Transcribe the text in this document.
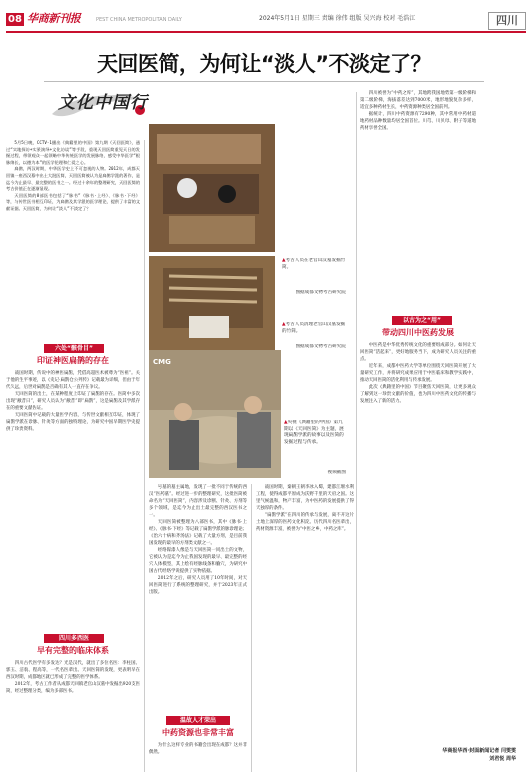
08 华商新刊报	PEST CHINA METROPOLITAN DAILY	2024年5月1日 星期三 责编 徐伟 组版 吴兴海 校对 毛浩江	四川
天回医简，为何让“淡人”不淡定了？
文化中国行

5月5日晚，CCTV-1播出《典籍里的中国》第九期《天回医简》，通过“实地探访+实景演绎+文化访谈”等手段，重现天回医简重见天日的发掘过程，带领观众一起领略中华传统医学的发展脉络，感受中华医学“根脉绵长，以德为本”的医学伦理和仁爱之心。

扁鹊，两汉时期，中华医学史上不可忽视的人物。2012年，成都天回镇一座西汉墓中出土大批医简，天回医简被认为是扁鹊学派的著作，是迄今为止最早、最完整的医书之一。经过十余年的整理研究，天回医简的考古价值正在逐渐显现。

天回医简的8部医书包括了“脉书”《脉书·上经》、《脉书·下经》等，与传世医书相互印证，为扁鹊及其学派的医学理论，提供了丰富的文献证据。天回医简，为何让“淡人”不淡定了？

六处“骸骨目”
印证神医扁鹊的存在

战国时期，传说中的神医扁鹊，凭借高超医术被尊为“医祖”。关于他的生平事迹，以《史记·扁鹊仓公列传》记载最为详细，但由于年代久远，后世对扁鹊是否确有其人一直存在争议。

天回医简的出土，在某种程度上印证了扁鹊的存在。医简中多次出现“敝昔曰”，研究人员认为“敝昔”即“扁鹊”，这是扁鹊及其学派存在的重要文献佐证。

天回医简中记载的大量医学内容，与传世文献相互印证，体现了扁鹊学派在诊脉、针灸等方面的独特理论，为研究中国早期医学史提供了珍贵资料。

四川多西医
早有完整的临床体系

四川古代医学有多发达？光是汉代，就出了多位名医：李柱国、郭玉、涪翁、程高等，一代名医辈出。天回医简的发现，更表明早在西汉时期，成都地区就已形成了完整的医学体系。

2012年，考古工作者从成都天回镇老官山汉墓中发掘出920支医简，经过整理分类，编为多部医书。

▲考古人员在老官山汉墓发掘竹简。
图据成都文物考古研究院
▲考古人员清理老官山汉墓发掘的竹简。
图据成都文物考古研究院
CMG
▲央视《典籍里的中国》第九期以《天回医简》为主题，展现扁鹊学派的故事以及医简的发掘过程与传承。
视频截图

号墓的墓主属地，发现了一批不同于传统的西汉“医药墓”。经过进一步的整理研究，这批医简被命名为“天回医简”，内容涉及诊断、针灸、方剂等多个领域，是迄今为止出土最完整的西汉医书之一。

天回医简被整理为八部医书，其中《脉书·上经》、《脉书·下经》等记载了扁鹊学派的脉诊理论；《治六十病和齐汤法》记载了大量方剂，是目前我国发现的最早的方剂类文献之一。

经络髹漆人像是与天回医简一同出土的文物，它被认为是迄今为止我国发现的最早、最完整的经穴人体模型，其上绘有经脉线条和腧穴，为研究中国古代经络学说提供了实物依据。

2012年之后，研究人员用了10年时间，对天回医简进行了系统的整理研究，并于2023年正式出版。

战国时期，秦朝王朝李冰入蜀，建都江堰水利工程，使得成都平原成为沃野千里的天府之国。这里气候温和，物产丰富，为中医药的发展提供了得天独厚的条件。

“扁鹊学派”在四川的传承与发展，离不开这片土地上深厚的医药文化积淀。历代四川名医辈出，药材资源丰富，被誉为“中医之乡，中药之库”。

温故人才荣出
中药资源也非常丰富

为什么这样专业的书籍会出现在成都？这并非偶然。

四川被誉为“中药之库”，其地跨我国地势第一级阶梯和第二级阶梯，海拔落差达到7000米，地形地貌复杂多样，适宜多种药材生长，中药资源种类居全国前列。

据统计，四川中药资源有7290种，其中常用中药材道地药材品种数量均居全国首位。川芎、川贝母、附子等道地药材享誉全国。

以古为之“用”
带动四川中医药发展

中医药是中华优秀传统文化的重要组成部分。如何让天回医简“活起来”，更好地服务当下，成为研究人员关注的重点。

近年来，成都中医药大学等单位围绕天回医简开展了大量研究工作，并将研究成果应用于中医临床和教学实践中，推动天回医简的活化利用与传承发展。

此次《典籍里的中国》节目聚焦天回医简，让更多观众了解到这一珍贵文献的价值，也为四川中医药文化的传播与发展注入了新的活力。

华商报华西·封面新闻记者 闫雯雯
刘君悦 周华
